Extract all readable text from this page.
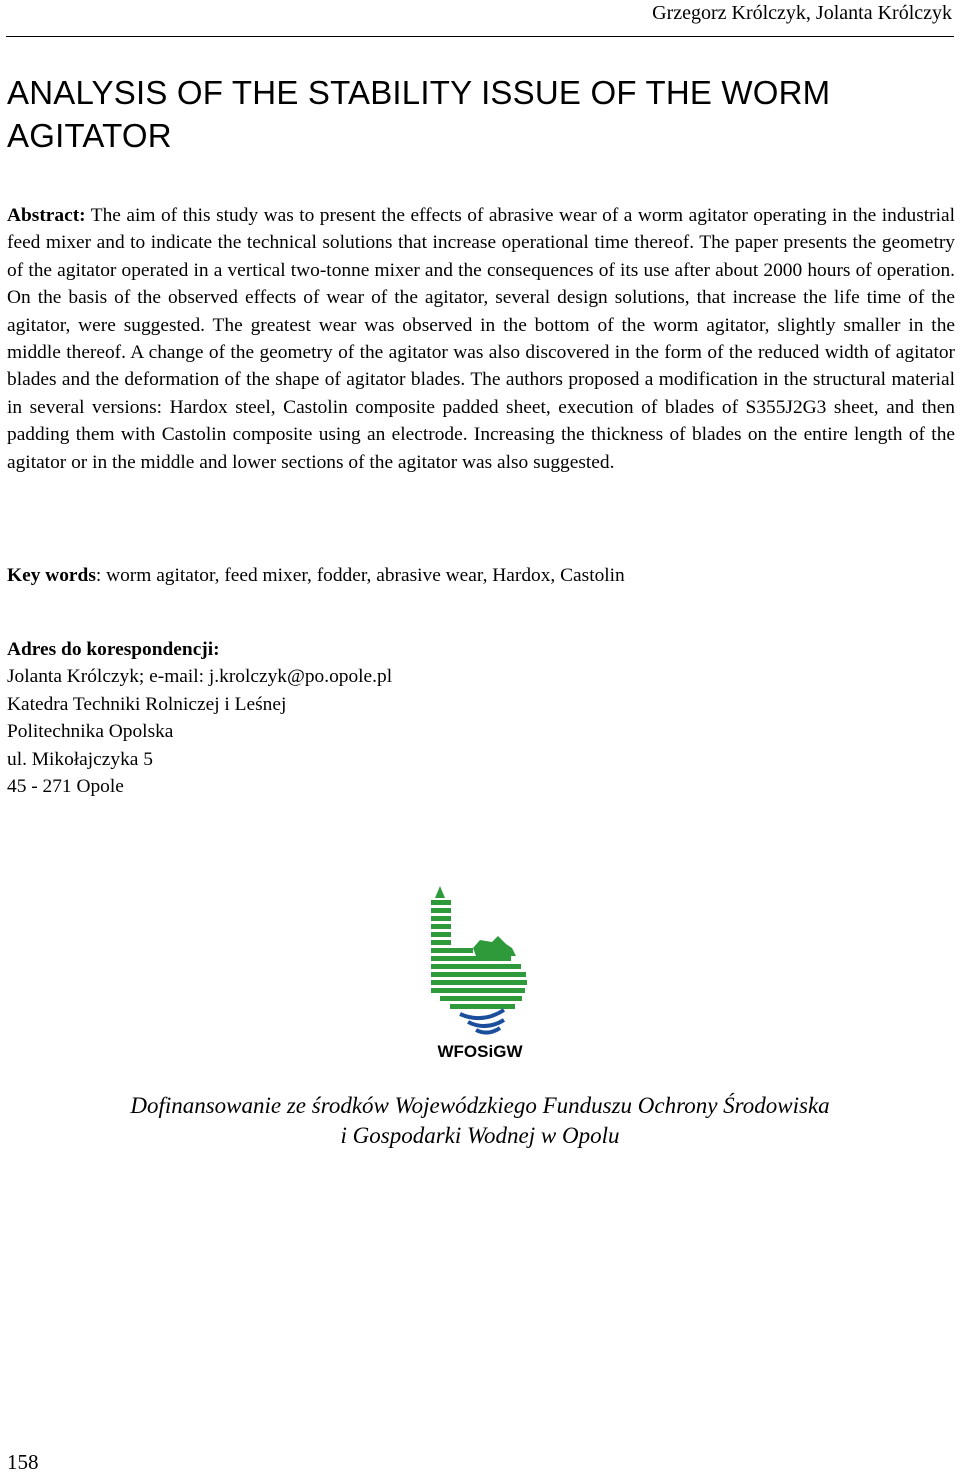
Grzegorz Królczyk, Jolanta Królczyk
ANALYSIS OF THE STABILITY ISSUE OF THE WORM AGITATOR

Abstract: The aim of this study was to present the effects of abrasive wear of a worm agitator operating in the industrial feed mixer and to indicate the technical solutions that increase operational time thereof. The paper presents the geometry of the agitator operated in a vertical two-tonne mixer and the consequences of its use after about 2000 hours of operation. On the basis of the observed effects of wear of the agitator, several design solutions, that increase the life time of the agitator, were suggested. The greatest wear was observed in the bottom of the worm agitator, slightly smaller in the middle thereof. A change of the geometry of the agitator was also discovered in the form of the reduced width of agitator blades and the deformation of the shape of agitator blades. The authors proposed a modification in the structural material in several versions: Hardox steel, Castolin composite padded sheet, execution of blades of S355J2G3 sheet, and then padding them with Castolin composite using an electrode. Increasing the thickness of blades on the entire length of the agitator or in the middle and lower sections of the agitator was also suggested.

Key words: worm agitator, feed mixer, fodder, abrasive wear, Hardox, Castolin

Adres do korespondencji:
Jolanta Królczyk; e-mail: j.krolczyk@po.opole.pl
Katedra Techniki Rolniczej i Leśnej
Politechnika Opolska
ul. Mikołajczyka 5
45 - 271 Opole
WFOSiGW
Dofinansowanie ze środków Wojewódzkiego Funduszu Ochrony Środowiska
i Gospodarki Wodnej w Opolu
158
